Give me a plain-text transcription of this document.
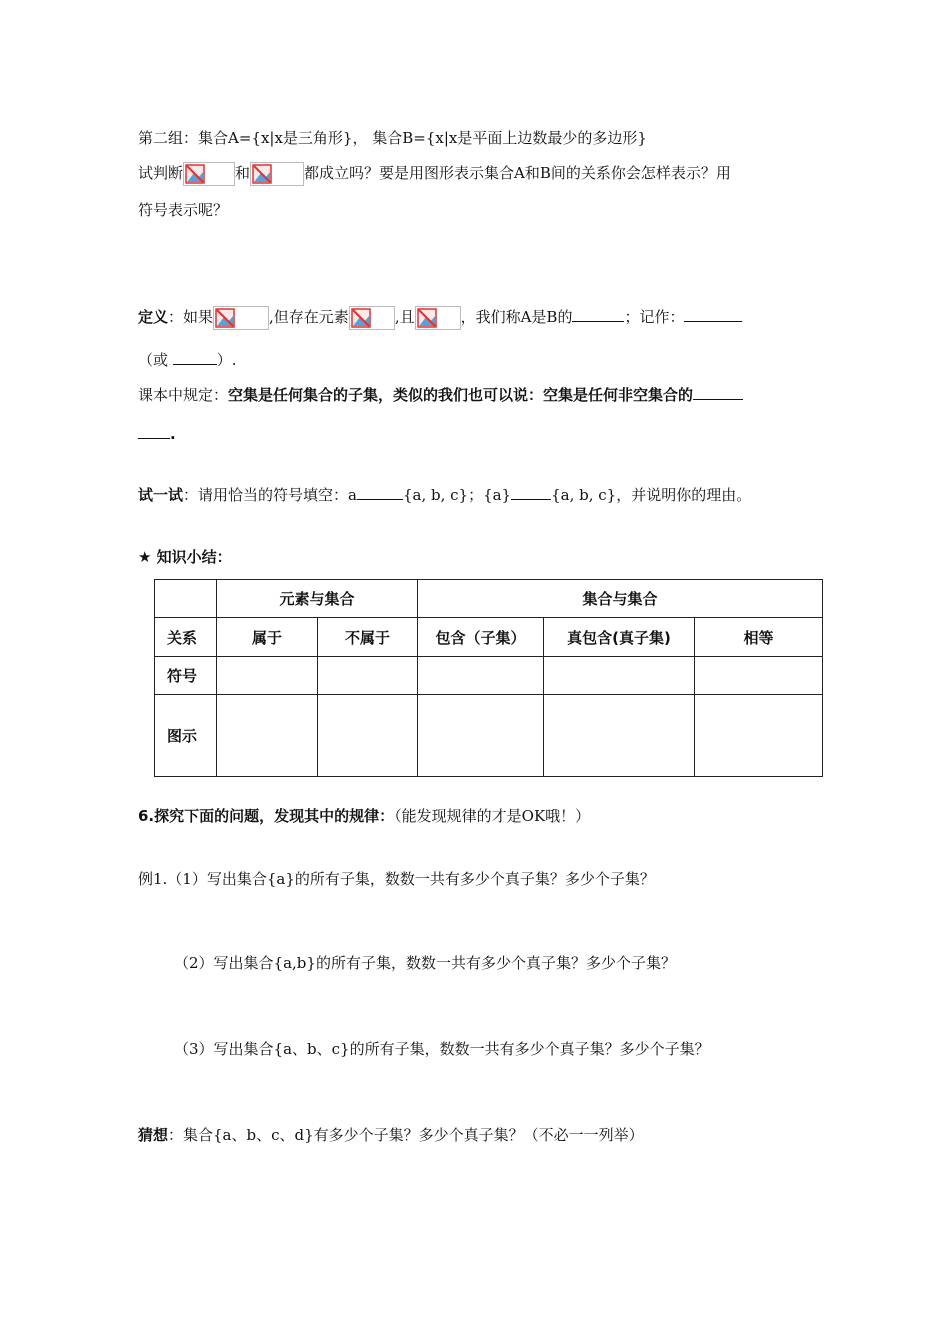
第二组：集合A={x|x是三角形}， 集合B={x|x是平面上边数最少的多边形}
试判断	和	都成立吗？要是用图形表示集合A和B间的关系你会怎样表示？用
符号表示呢？
定义：如果	,但存在元素	,且	，我们称A是B的	；记作：
（或	）.
课本中规定：空集是任何集合的子集，类似的我们也可以说：空集是任何非空集合的
.
试一试：请用恰当的符号填空：a	{a, b, c}；{a}	{a, b, c}，并说明你的理由。
★ 知识小结：
	元素与集合		集合与集合		
关系	属于	不属于	包含（子集）	真包含(真子集)	相等
符号					
图示					
6.探究下面的问题，发现其中的规律：（能发现规律的才是OK哦！）
例1.（1）写出集合{a}的所有子集，数数一共有多少个真子集？多少个子集？
（2）写出集合{a,b}的所有子集，数数一共有多少个真子集？多少个子集？
（3）写出集合{a、b、c}的所有子集，数数一共有多少个真子集？多少个子集？
猜想：集合{a、b、c、d}有多少个子集？多少个真子集？（不必一一列举）
